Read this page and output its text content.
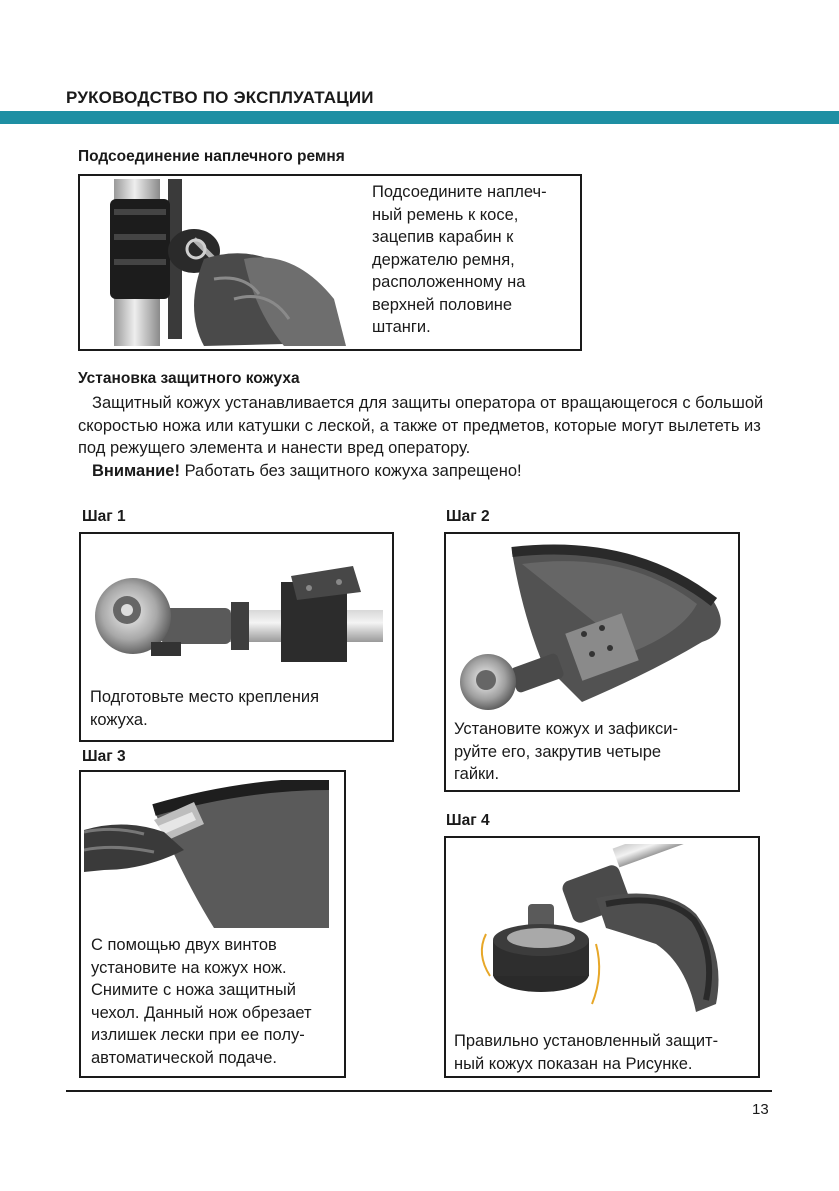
РУКОВОДСТВО ПО ЭКСПЛУАТАЦИИ
Подсоединение наплечного ремня
Подсоедините наплеч-
ный ремень к косе,
зацепив карабин к
держателю ремня,
расположенному на
верхней половине
штанги.
Установка защитного кожуха

Защитный кожух устанавливается для защиты оператора от вращающегося с большой скоростью ножа или катушки с леской, а также от предметов, которые могут вылететь из под режущего элемента и нанести вред оператору.

Внимание! Работать без защитного кожуха запрещено!

Шаг 1
Подготовьте место крепления
кожуха.
Шаг 2
Установите кожух и зафикси-
руйте его, закрутив четыре
гайки.
Шаг 3
С помощью двух винтов
установите на кожух нож.
Снимите с ножа защитный
чехол. Данный нож обрезает
излишек лески при ее полу-
автоматической подаче.
Шаг 4
Правильно установленный защит-
ный кожух показан на Рисунке.
13
